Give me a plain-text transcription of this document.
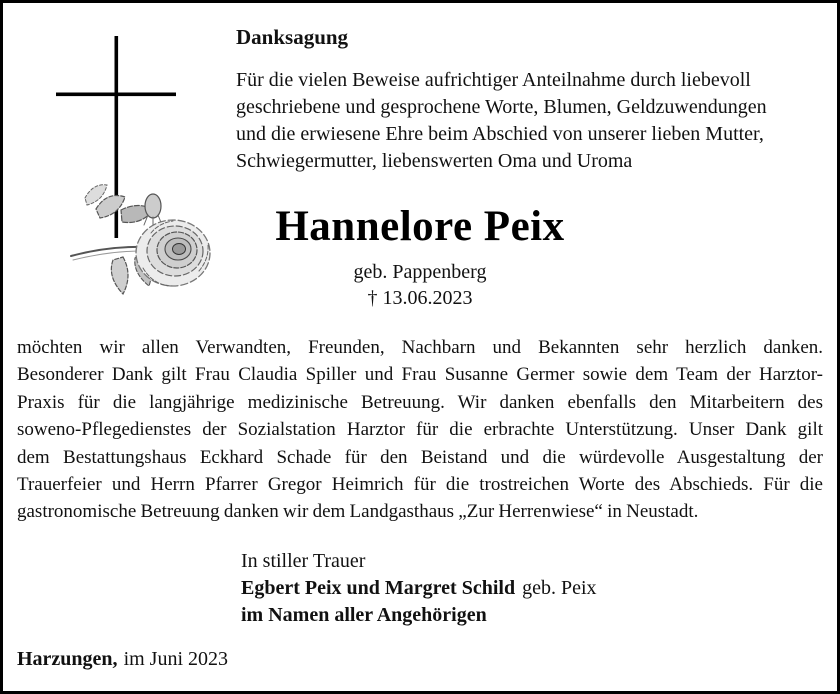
Danksagung
Für die vielen Beweise aufrichtiger Anteilnahme durch liebevoll
geschriebene und gesprochene Worte, Blumen, Geldzuwendungen
und die erwiesene Ehre beim Abschied von unserer lieben Mutter,
Schwiegermutter, liebenswerten Oma und Uroma
Hannelore Peix
geb. Pappenberg
† 13.06.2023
möchten wir allen Verwandten, Freunden, Nachbarn und Bekannten sehr herzlich danken.
Besonderer Dank gilt Frau Claudia Spiller und Frau Susanne Germer sowie dem Team der Harztor-
Praxis für die langjährige medizinische Betreuung. Wir danken ebenfalls den Mitarbeitern des
soweno-Pflegedienstes der Sozialstation Harztor für die erbrachte Unterstützung. Unser Dank gilt
dem Bestattungshaus Eckhard Schade für den Beistand und die würdevolle Ausgestaltung der
Trauerfeier und Herrn Pfarrer Gregor Heimrich für die trostreichen Worte des Abschieds. Für die
gastronomische Betreuung danken wir dem Landgasthaus „Zur Herrenwiese“ in Neustadt.
In stiller Trauer
Egbert Peix und Margret Schild geb. Peix
im Namen aller Angehörigen
Harzungen, im Juni 2023
